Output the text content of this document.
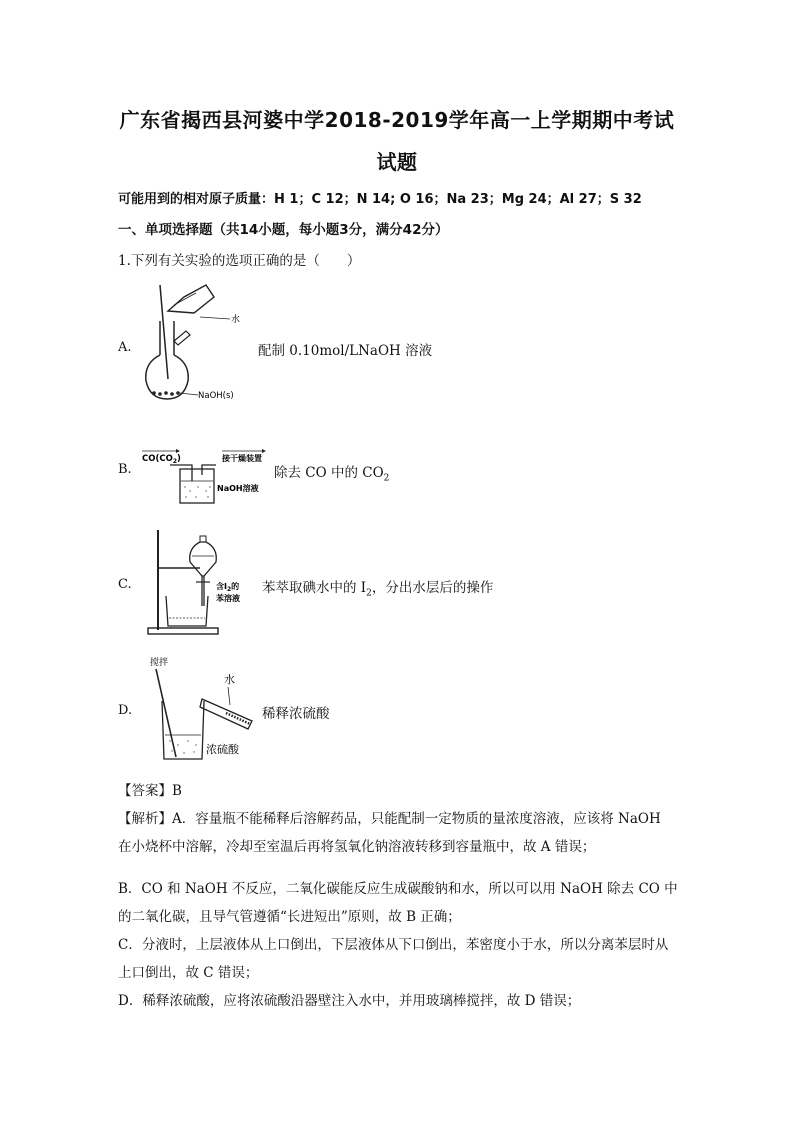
广东省揭西县河婆中学2018-2019学年高一上学期期中考试
试题
可能用到的相对原子质量：H 1；C 12；N 14; O 16；Na 23；Mg 24；Al 27；S 32
一、单项选择题（共14小题，每小题3分，满分42分）
1.下列有关实验的选项正确的是（　　）
A.
水
NaOH(s)
配制 0.10mol/LNaOH 溶液
B.
$CO(CO_2)$	接干燥装置
NaOH溶液
除去 CO 中的 $CO_2$
C.	含$I_2$的
苯溶液
苯萃取碘水中的 $I_2$，分出水层后的操作
D.
搅拌
水
浓硫酸
稀释浓硫酸
【答案】B
【解析】A．容量瓶不能稀释后溶解药品，只能配制一定物质的量浓度溶液，应该将 NaOH 在小烧杯中溶解，冷却至室温后再将氢氧化钠溶液转移到容量瓶中，故 A 错误；
B．CO 和 NaOH 不反应，二氧化碳能反应生成碳酸钠和水，所以可以用 NaOH 除去 CO 中的二氧化碳，且导气管遵循“长进短出”原则，故 B 正确；
C．分液时，上层液体从上口倒出，下层液体从下口倒出，苯密度小于水，所以分离苯层时从上口倒出，故 C 错误；
D．稀释浓硫酸，应将浓硫酸沿器壁注入水中，并用玻璃棒搅拌，故 D 错误；
